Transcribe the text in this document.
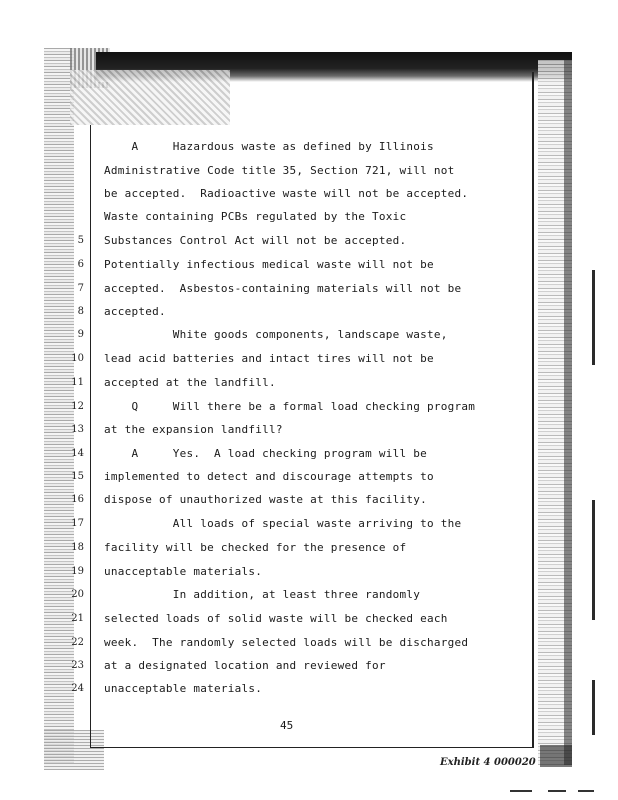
A     Hazardous waste as defined by Illinois
Administrative Code title 35, Section 721, will not
be accepted.  Radioactive waste will not be accepted.
Waste containing PCBs regulated by the Toxic
5 Substances Control Act will not be accepted.
6 Potentially infectious medical waste will not be
7 accepted.  Asbestos-containing materials will not be
8 accepted.
9 White goods components, landscape waste,
10 lead acid batteries and intact tires will not be
11 accepted at the landfill.
12 Q     Will there be a formal load checking program
13 at the expansion landfill?
14 A     Yes.  A load checking program will be
15 implemented to detect and discourage attempts to
16 dispose of unauthorized waste at this facility.
17 All loads of special waste arriving to the
18 facility will be checked for the presence of
19 unacceptable materials.
20 In addition, at least three randomly
21 selected loads of solid waste will be checked each
22 week.  The randomly selected loads will be discharged
23 at a designated location and reviewed for
24 unacceptable materials.
45
Exhibit 4 000020
